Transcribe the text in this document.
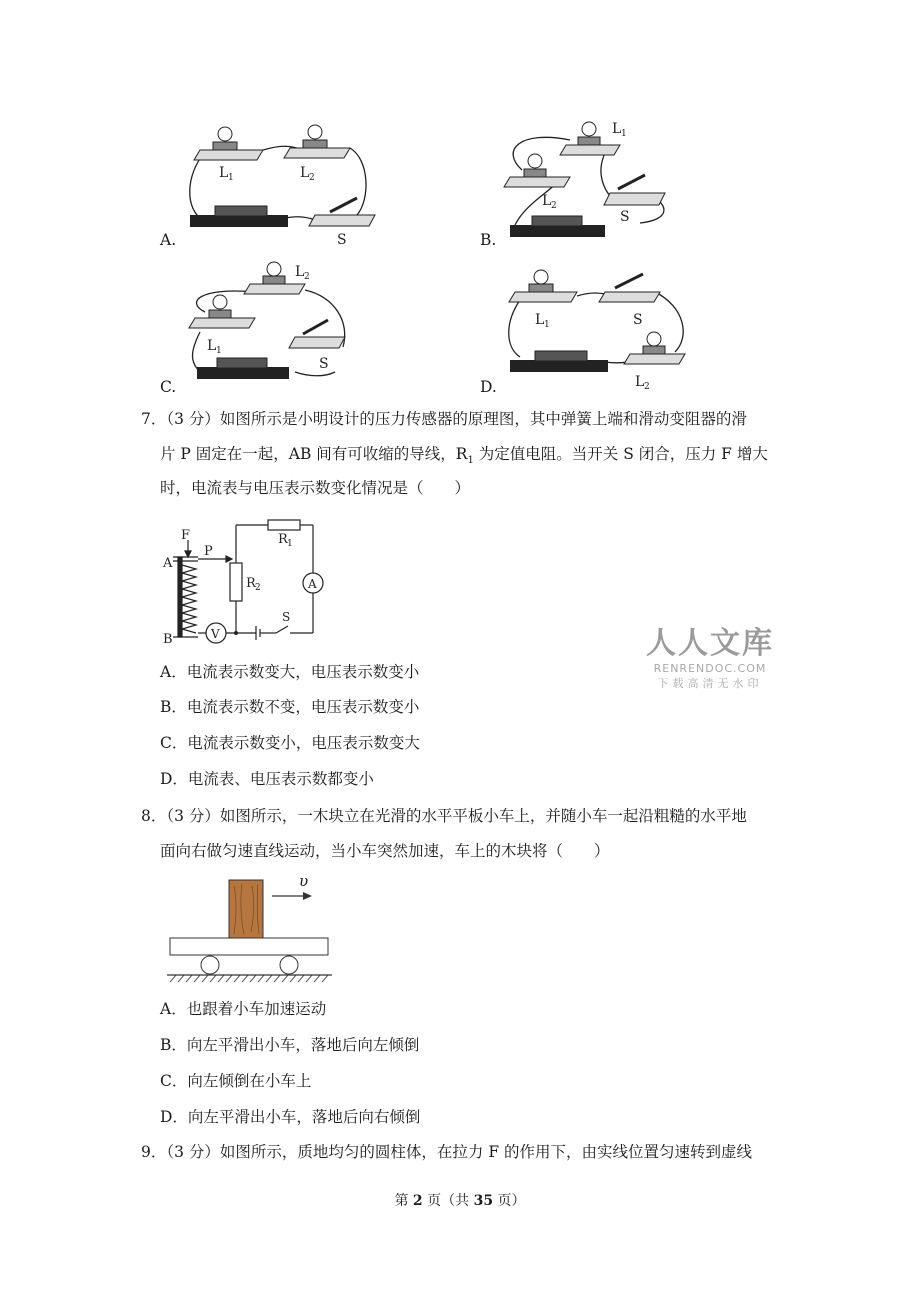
L 1	L 2
S
A.
L 1
L 2
S
B.
L 2
L 1
S
C.
L 1	S
L 2
D.
7．（3 分）如图所示是小明设计的压力传感器的原理图，其中弹簧上端和滑动变阻器的滑
片 P 固定在一起，AB 间有可收缩的导线，$R_1$ 为定值电阻。当开关 S 闭合，压力 F 增大
时，电流表与电压表示数变化情况是（　　）
F
A
P
B
R 1
R 2	A
V
S
A．电流表示数变大，电压表示数变小
B．电流表示数不变，电压表示数变小
C．电流表示数变小，电压表示数变大
D．电流表、电压表示数都变小
人人文库
RENRENDOC.COM
下载高清无水印
8．（3 分）如图所示，一木块立在光滑的水平平板小车上，并随小车一起沿粗糙的水平地
面向右做匀速直线运动，当小车突然加速，车上的木块将（　　）
υ
A．也跟着小车加速运动
B．向左平滑出小车，落地后向左倾倒
C．向左倾倒在小车上
D．向左平滑出小车，落地后向右倾倒
9．（3 分）如图所示，质地均匀的圆柱体，在拉力 F 的作用下，由实线位置匀速转到虚线
第 2 页（共 35 页）
